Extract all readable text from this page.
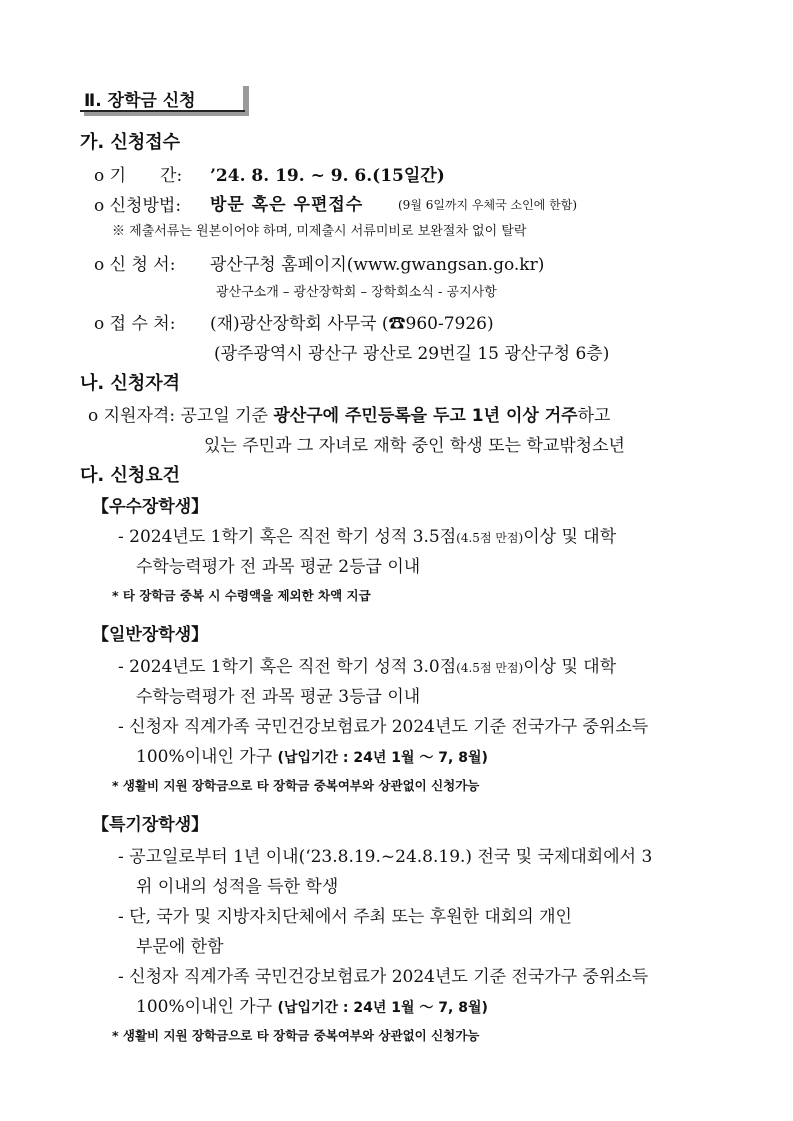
Ⅱ. 장학금 신청
가. 신청접수
o 기　　간: ’24. 8. 19. ~ 9. 6.(15일간)
o 신청방법: 방문 혹은 우편접수	(9월 6일까지 우체국 소인에 한함)
※ 제출서류는 원본이어야 하며, 미제출시 서류미비로 보완절차 없이 탈락
o 신 청 서: 광산구청 홈페이지(www.gwangsan.go.kr)
광산구소개 – 광산장학회 – 장학회소식 - 공지사항
o 접 수 처: (재)광산장학회 사무국 (☎960-7926)
(광주광역시 광산구 광산로 29번길 15 광산구청 6층)
나. 신청자격
o 지원자격: 공고일 기준 광산구에 주민등록을 두고 1년 이상 거주하고
있는 주민과 그 자녀로 재학 중인 학생 또는 학교밖청소년
다. 신청요건
【우수장학생】
- 2024년도 1학기 혹은 직전 학기 성적 3.5점(4.5점 만점)이상 및 대학
수학능력평가 전 과목 평균 2등급 이내
* 타 장학금 중복 시 수령액을 제외한 차액 지급
【일반장학생】
- 2024년도 1학기 혹은 직전 학기 성적 3.0점(4.5점 만점)이상 및 대학
수학능력평가 전 과목 평균 3등급 이내
- 신청자 직계가족 국민건강보험료가 2024년도 기준 전국가구 중위소득
100%이내인 가구 (납입기간 : 24년 1월 ～ 7, 8월)
* 생활비 지원 장학금으로 타 장학금 중복여부와 상관없이 신청가능
【특기장학생】
- 공고일로부터 1년 이내(‘23.8.19.~24.8.19.) 전국 및 국제대회에서 3
위 이내의 성적을 득한 학생
- 단, 국가 및 지방자치단체에서 주최 또는 후원한 대회의 개인
부문에 한함
- 신청자 직계가족 국민건강보험료가 2024년도 기준 전국가구 중위소득
100%이내인 가구 (납입기간 : 24년 1월 ～ 7, 8월)
* 생활비 지원 장학금으로 타 장학금 중복여부와 상관없이 신청가능
